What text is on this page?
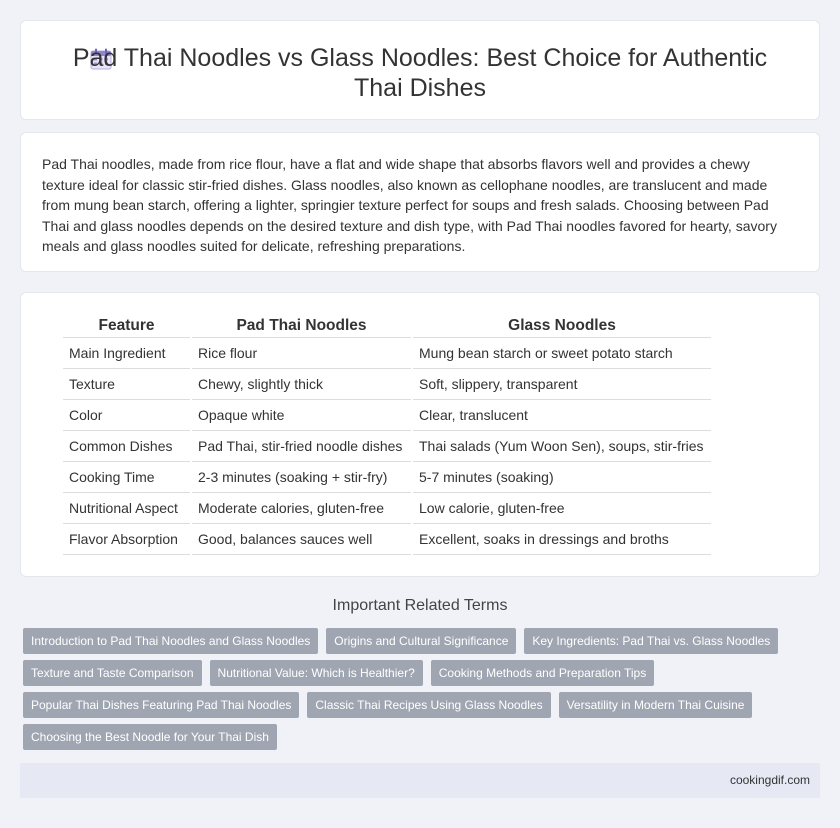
Pad Thai Noodles vs Glass Noodles: Best Choice for Authentic Thai Dishes

Pad Thai noodles, made from rice flour, have a flat and wide shape that absorbs flavors well and provides a chewy texture ideal for classic stir-fried dishes. Glass noodles, also known as cellophane noodles, are translucent and made from mung bean starch, offering a lighter, springier texture perfect for soups and fresh salads. Choosing between Pad Thai and glass noodles depends on the desired texture and dish type, with Pad Thai noodles favored for hearty, savory meals and glass noodles suited for delicate, refreshing preparations.

Feature	Pad Thai Noodles	Glass Noodles
Main Ingredient	Rice flour	Mung bean starch or sweet potato starch
Texture	Chewy, slightly thick	Soft, slippery, transparent
Color	Opaque white	Clear, translucent
Common Dishes	Pad Thai, stir-fried noodle dishes	Thai salads (Yum Woon Sen), soups, stir-fries
Cooking Time	2-3 minutes (soaking + stir-fry)	5-7 minutes (soaking)
Nutritional Aspect	Moderate calories, gluten-free	Low calorie, gluten-free
Flavor Absorption	Good, balances sauces well	Excellent, soaks in dressings and broths
Important Related Terms
Introduction to Pad Thai Noodles and Glass Noodles	Origins and Cultural Significance	Key Ingredients: Pad Thai vs. Glass Noodles
Texture and Taste Comparison	Nutritional Value: Which is Healthier?	Cooking Methods and Preparation Tips
Popular Thai Dishes Featuring Pad Thai Noodles	Classic Thai Recipes Using Glass Noodles	Versatility in Modern Thai Cuisine
Choosing the Best Noodle for Your Thai Dish
cookingdif.com
